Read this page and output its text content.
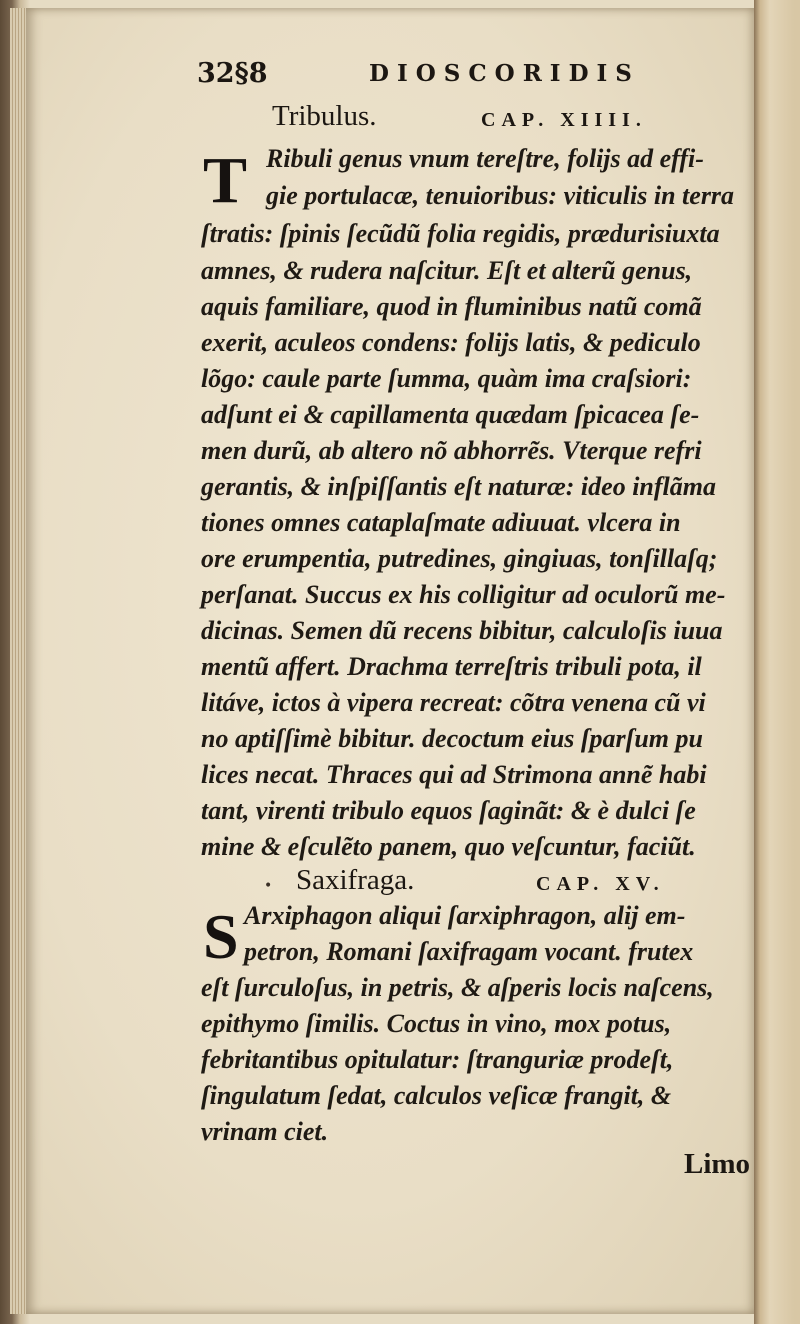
32§8	DIOSCORIDIS
Tribulus.	CAP. XIIII.
T Ribuli genus vnum tereſtre, folijs ad effi-
gie portulacæ, tenuioribus: viticulis in terra
ſtratis: ſpinis ſecũdũ folia regidis, prædurisiuxta
amnes, & rudera naſcitur. Eſt et alterũ genus,
aquis familiare, quod in fluminibus natũ comã
exerit, aculeos condens: folijs latis, & pediculo
lõgo: caule parte ſumma, quàm ima craſsiori:
adſunt ei & capillamenta quædam ſpicacea ſe-
men durũ, ab altero nõ abhorrẽs. Vterque refri
gerantis, & inſpiſſantis eſt naturæ: ideo inflãma
tiones omnes cataplaſmate adiuuat. vlcera in
ore erumpentia, putredines, gingiuas, tonſillaſq;
perſanat. Succus ex his colligitur ad oculorũ me-
dicinas. Semen dũ recens bibitur, calculoſis iuua
mentũ affert. Drachma terreſtris tribuli pota, il
litáve, ictos à vipera recreat: cõtra venena cũ vi
no aptiſſimè bibitur. decoctum eius ſparſum pu
lices necat. Thraces qui ad Strimona annẽ habi
tant, virenti tribulo equos ſaginãt: & è dulci ſe
mine & eſculẽto panem, quo veſcuntur, faciũt.
• Saxifraga.	CAP. XV.
S Arxiphagon aliqui ſarxiphragon, alij em-
petron, Romani ſaxifragam vocant. frutex
eſt ſurculoſus, in petris, & aſperis locis naſcens,
epithymo ſimilis. Coctus in vino, mox potus,
febritantibus opitulatur: ſtranguriæ prodeſt,
ſingulatum ſedat, calculos veſicæ frangit, &
vrinam ciet.
Limo
